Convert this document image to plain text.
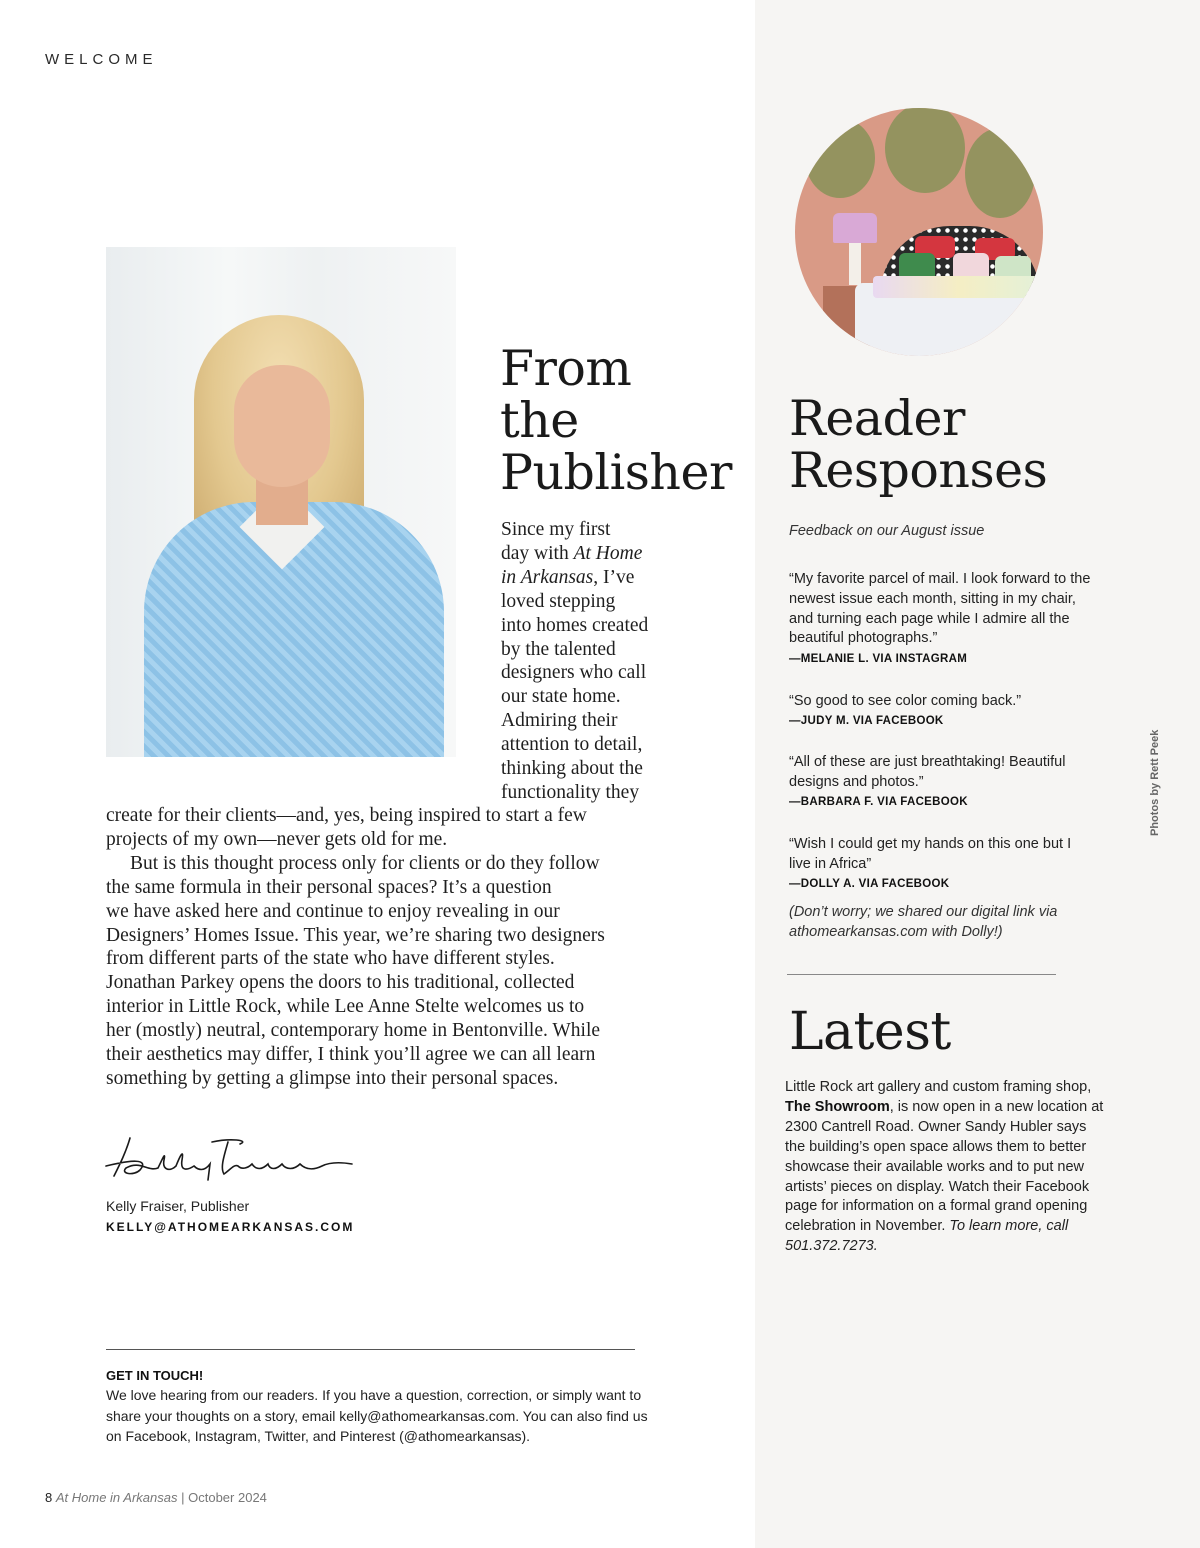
WELCOME
From
the
Publisher
Since my first
day with At Home
in Arkansas, I’ve
loved stepping
into homes created
by the talented
designers who call
our state home.
Admiring their
attention to detail,
thinking about the
functionality they
create for their clients—and, yes, being inspired to start a few
projects of my own—never gets old for me.
But is this thought process only for clients or do they follow
the same formula in their personal spaces? It’s a question
we have asked here and continue to enjoy revealing in our
Designers’ Homes Issue. This year, we’re sharing two designers
from different parts of the state who have different styles.
Jonathan Parkey opens the doors to his traditional, collected
interior in Little Rock, while Lee Anne Stelte welcomes us to
her (mostly) neutral, contemporary home in Bentonville. While
their aesthetics may differ, I think you’ll agree we can all learn
something by getting a glimpse into their personal spaces.
Kelly Fraiser, Publisher
KELLY@ATHOMEARKANSAS.COM
GET IN TOUCH!
We love hearing from our readers. If you have a question, correction, or simply want to
share your thoughts on a story, email kelly@athomearkansas.com. You can also find us
on Facebook, Instagram, Twitter, and Pinterest (@athomearkansas).
8 At Home in Arkansas | October 2024
Reader
Responses
Feedback on our August issue
“My favorite parcel of mail. I look forward to the
newest issue each month, sitting in my chair,
and turning each page while I admire all the
beautiful photographs.”
—MELANIE L. VIA INSTAGRAM
“So good to see color coming back.”
—JUDY M. VIA FACEBOOK
“All of these are just breathtaking! Beautiful
designs and photos.”
—BARBARA F. VIA FACEBOOK
“Wish I could get my hands on this one but I
live in Africa”
—DOLLY A. VIA FACEBOOK
(Don’t worry; we shared our digital link via
athomearkansas.com with Dolly!)
Latest
Little Rock art gallery and custom framing shop,
The Showroom, is now open in a new location at
2300 Cantrell Road. Owner Sandy Hubler says
the building’s open space allows them to better
showcase their available works and to put new
artists’ pieces on display. Watch their Facebook
page for information on a formal grand opening
celebration in November. To learn more, call
501.372.7273.
Photos by Rett Peek
